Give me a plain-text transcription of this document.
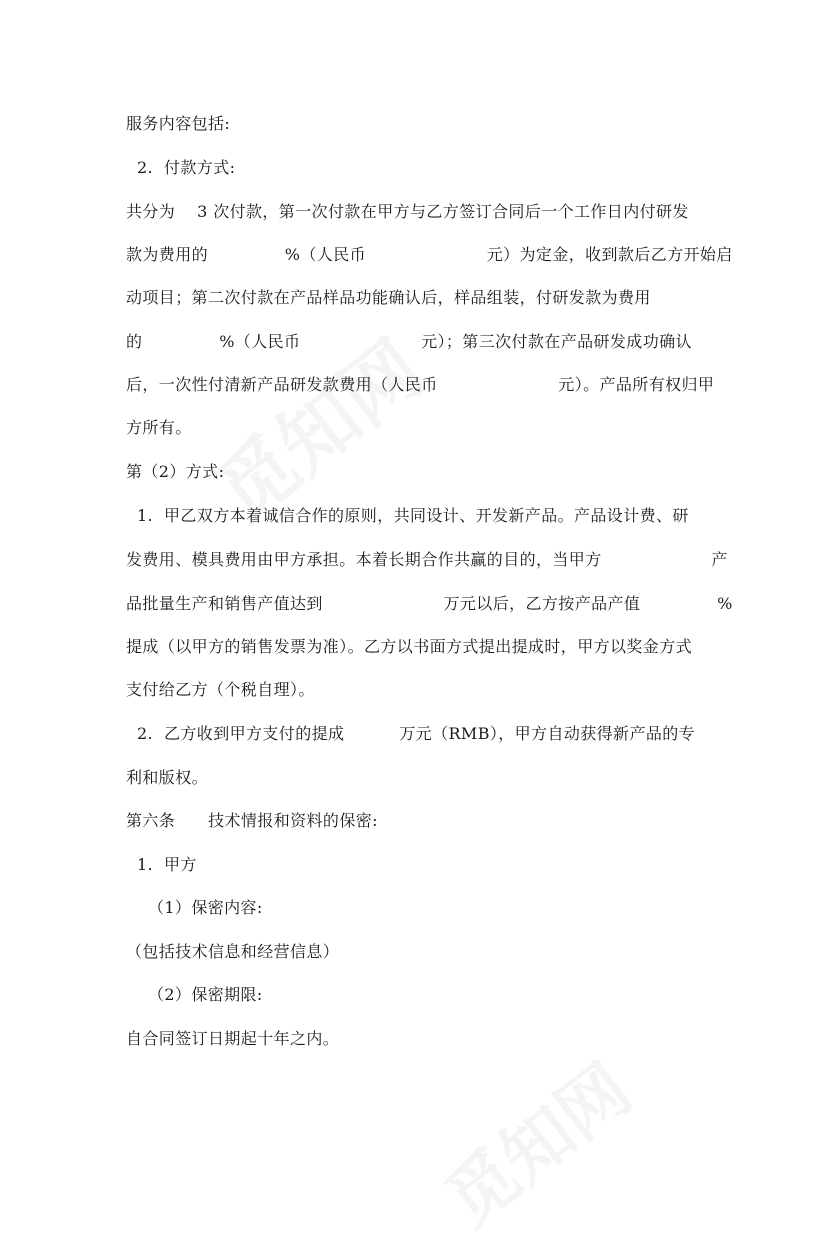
服务内容包括:
2.  付款方式:
共分为    3 次付款，第一次付款在甲方与乙方签订合同后一个工作日内付研发
款为费用的              %（人民币                      元）为定金，收到款后乙方开始启
动项目；第二次付款在产品样品功能确认后，样品组装，付研发款为费用
的              %（人民币                      元）；第三次付款在产品研发成功确认
后，一次性付清新产品研发款费用（人民币                      元）。产品所有权归甲
方所有。
第（2）方式:
1.  甲乙双方本着诚信合作的原则，共同设计、开发新产品。产品设计费、研
发费用、模具费用由甲方承担。本着长期合作共赢的目的，当甲方                    产
品批量生产和销售产值达到                      万元以后，乙方按产品产值              %
提成（以甲方的销售发票为准）。乙方以书面方式提出提成时，甲方以奖金方式
支付给乙方（个税自理）。
2.  乙方收到甲方支付的提成          万元（RMB），甲方自动获得新产品的专
利和版权。
第六条      技术情报和资料的保密:
1.  甲方
（1）保密内容:
（包括技术信息和经营信息）
（2）保密期限:
自合同签订日期起十年之内。
